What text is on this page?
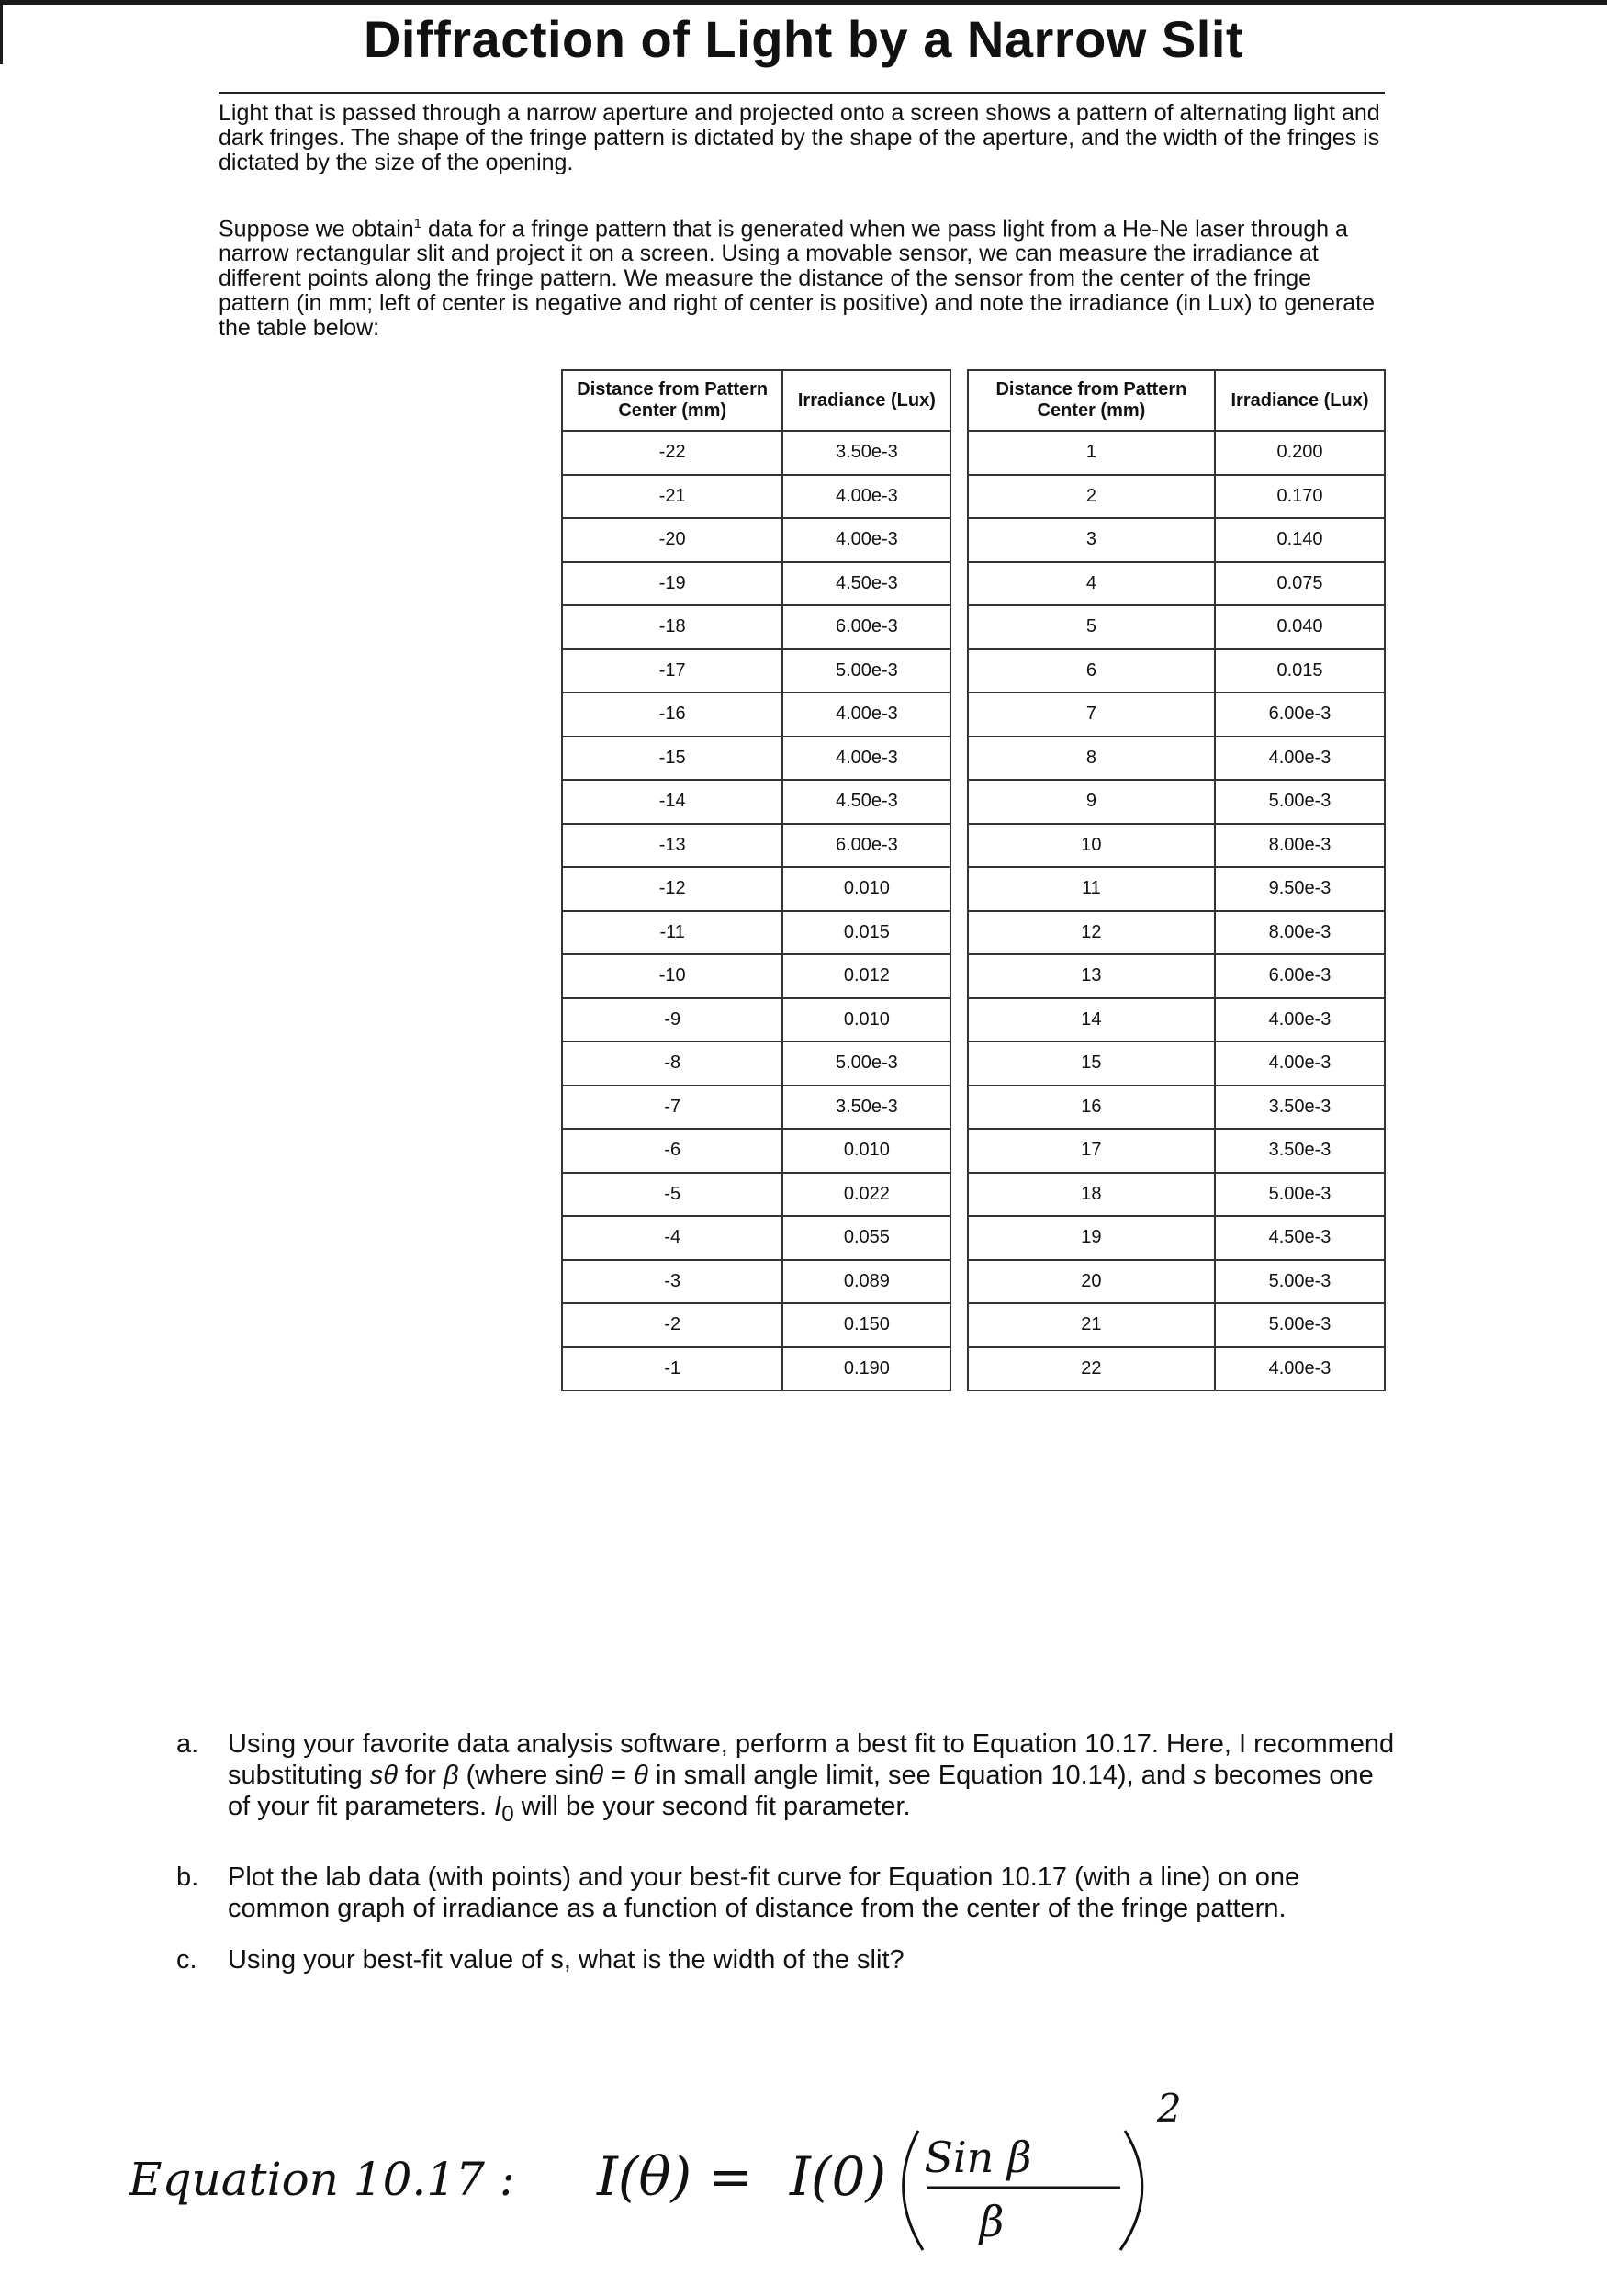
Diffraction of Light by a Narrow Slit

Light that is passed through a narrow aperture and projected onto a screen shows a pattern of alternating light and dark fringes. The shape of the fringe pattern is dictated by the shape of the aperture, and the width of the fringes is dictated by the size of the opening.

Suppose we obtain$^1$ data for a fringe pattern that is generated when we pass light from a He-Ne laser through a narrow rectangular slit and project it on a screen. Using a movable sensor, we can measure the irradiance at different points along the fringe pattern. We measure the distance of the sensor from the center of the fringe pattern (in mm; left of center is negative and right of center is positive) and note the irradiance (in Lux) to generate the table below:

Distance from Pattern Center (mm)	Irradiance (Lux)		Distance from Pattern Center (mm)	Irradiance (Lux)
-22	3.50e-3		1	0.200
-21	4.00e-3		2	0.170
-20	4.00e-3		3	0.140
-19	4.50e-3		4	0.075
-18	6.00e-3		5	0.040
-17	5.00e-3		6	0.015
-16	4.00e-3		7	6.00e-3
-15	4.00e-3		8	4.00e-3
-14	4.50e-3		9	5.00e-3
-13	6.00e-3		10	8.00e-3
-12	0.010		11	9.50e-3
-11	0.015		12	8.00e-3
-10	0.012		13	6.00e-3
-9	0.010		14	4.00e-3
-8	5.00e-3		15	4.00e-3
-7	3.50e-3		16	3.50e-3
-6	0.010		17	3.50e-3
-5	0.022		18	5.00e-3
-4	0.055		19	4.50e-3
-3	0.089		20	5.00e-3
-2	0.150		21	5.00e-3
-1	0.190		22	4.00e-3
a. Using your favorite data analysis software, perform a best fit to Equation 10.17. Here, I recommend substituting sθ for β (where sinθ = θ in small angle limit, see Equation 10.14), and s becomes one of your fit parameters. $I_0$ will be your second fit parameter.
b. Plot the lab data (with points) and your best-fit curve for Equation 10.17 (with a line) on one common graph of irradiance as a function of distance from the center of the fringe pattern.
c. Using your best-fit value of s, what is the width of the slit?
Equation 10.17 : I(θ) = I(0) Sin β
β
2
